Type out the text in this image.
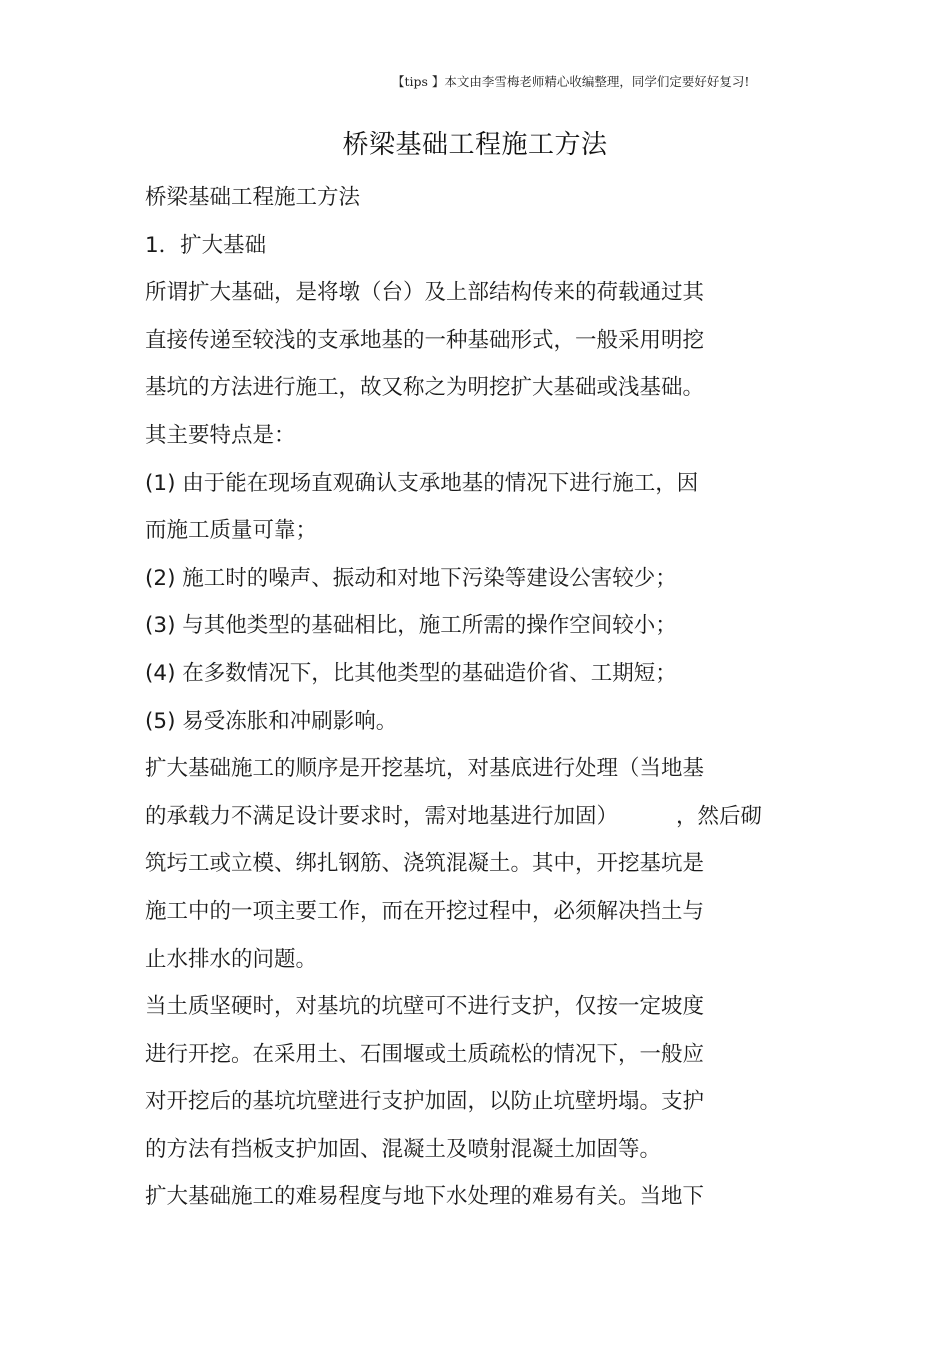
【tips 】本文由李雪梅老师精心收编整理，同学们定要好好复习!
桥梁基础工程施工方法
桥梁基础工程施工方法
1．扩大基础
所谓扩大基础，是将墩（台）及上部结构传来的荷载通过其
直接传递至较浅的支承地基的一种基础形式，一般采用明挖
基坑的方法进行施工，故又称之为明挖扩大基础或浅基础。
其主要特点是：
(1) 由于能在现场直观确认支承地基的情况下进行施工，因
而施工质量可靠；
(2) 施工时的噪声、振动和对地下污染等建设公害较少；
(3) 与其他类型的基础相比，施工所需的操作空间较小；
(4) 在多数情况下，比其他类型的基础造价省、工期短；
(5) 易受冻胀和冲刷影响。
扩大基础施工的顺序是开挖基坑，对基底进行处理（当地基
的承载力不满足设计要求时，需对地基进行加固）	，然后砌
筑圬工或立模、绑扎钢筋、浇筑混凝土。其中，开挖基坑是
施工中的一项主要工作，而在开挖过程中，必须解决挡土与
止水排水的问题。
当土质坚硬时，对基坑的坑壁可不进行支护，仅按一定坡度
进行开挖。在采用土、石围堰或土质疏松的情况下，一般应
对开挖后的基坑坑壁进行支护加固，以防止坑壁坍塌。支护
的方法有挡板支护加固、混凝土及喷射混凝土加固等。
扩大基础施工的难易程度与地下水处理的难易有关。当地下
